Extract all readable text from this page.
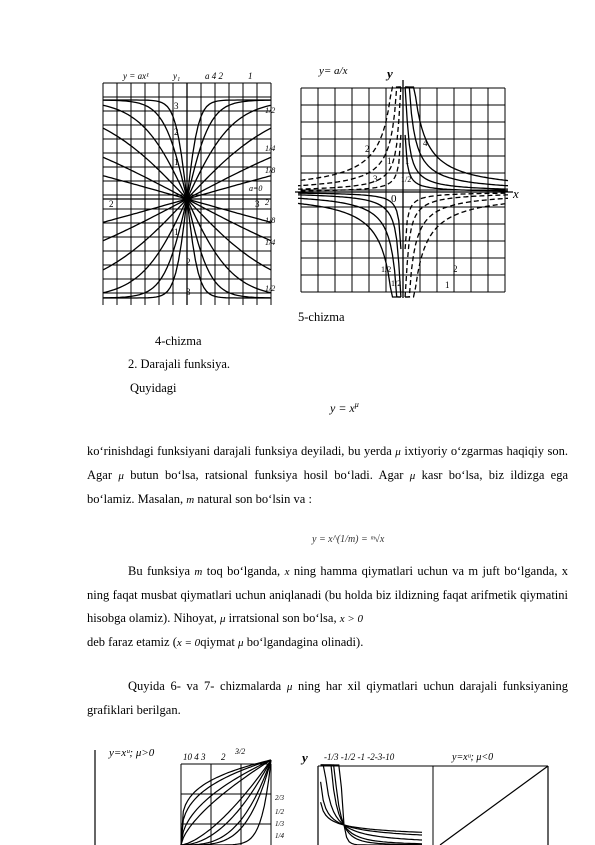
y = ax¹	y₁	a 4 2	1
3
2
1
2
1
2
3
3
1/2
1/4
1/8
a=0
2
1/8
1/4
1/2
4-chizma
y= a/x	y
x
0
4
2
1
3	1/2
1/2	2
1
1
1/2
5-chizma
2. Darajali funksiya.
Quyidagi
$y = x^\mu$
koʻrinishdagi funksiyani darajali funksiya deyiladi, bu yerda μ ixtiyoriy oʻzgarmas haqiqiy son. Agar μ butun boʻlsa, ratsional funksiya hosil boʻladi. Agar μ kasr boʻlsa, biz ildizga ega boʻlamiz. Masalan, m natural son boʻlsin va :
y = x^(1/m) = ᵐ√x
Bu funksiya m toq boʻlganda, x ning hamma qiymatlari uchun va m juft boʻlganda, x ning faqat musbat qiymatlari uchun aniqlanadi (bu holda biz ildizning faqat arifmetik qiymatini hisobga olamiz). Nihoyat, μ irratsional son boʻlsa, x > 0
deb faraz etamiz (x = 0qiymat μ boʻlgandagina olinadi).
Quyida 6- va 7- chizmalarda μ ning har xil qiymatlari uchun darajali funksiyaning grafiklari berilgan.
y=xᵘ; μ>0	10 4 3 2
3/2
2/3
1/2
1/3
1/4
y -1/3 -1/2 -1 -2-3-10	y=xᵘ; μ<0
